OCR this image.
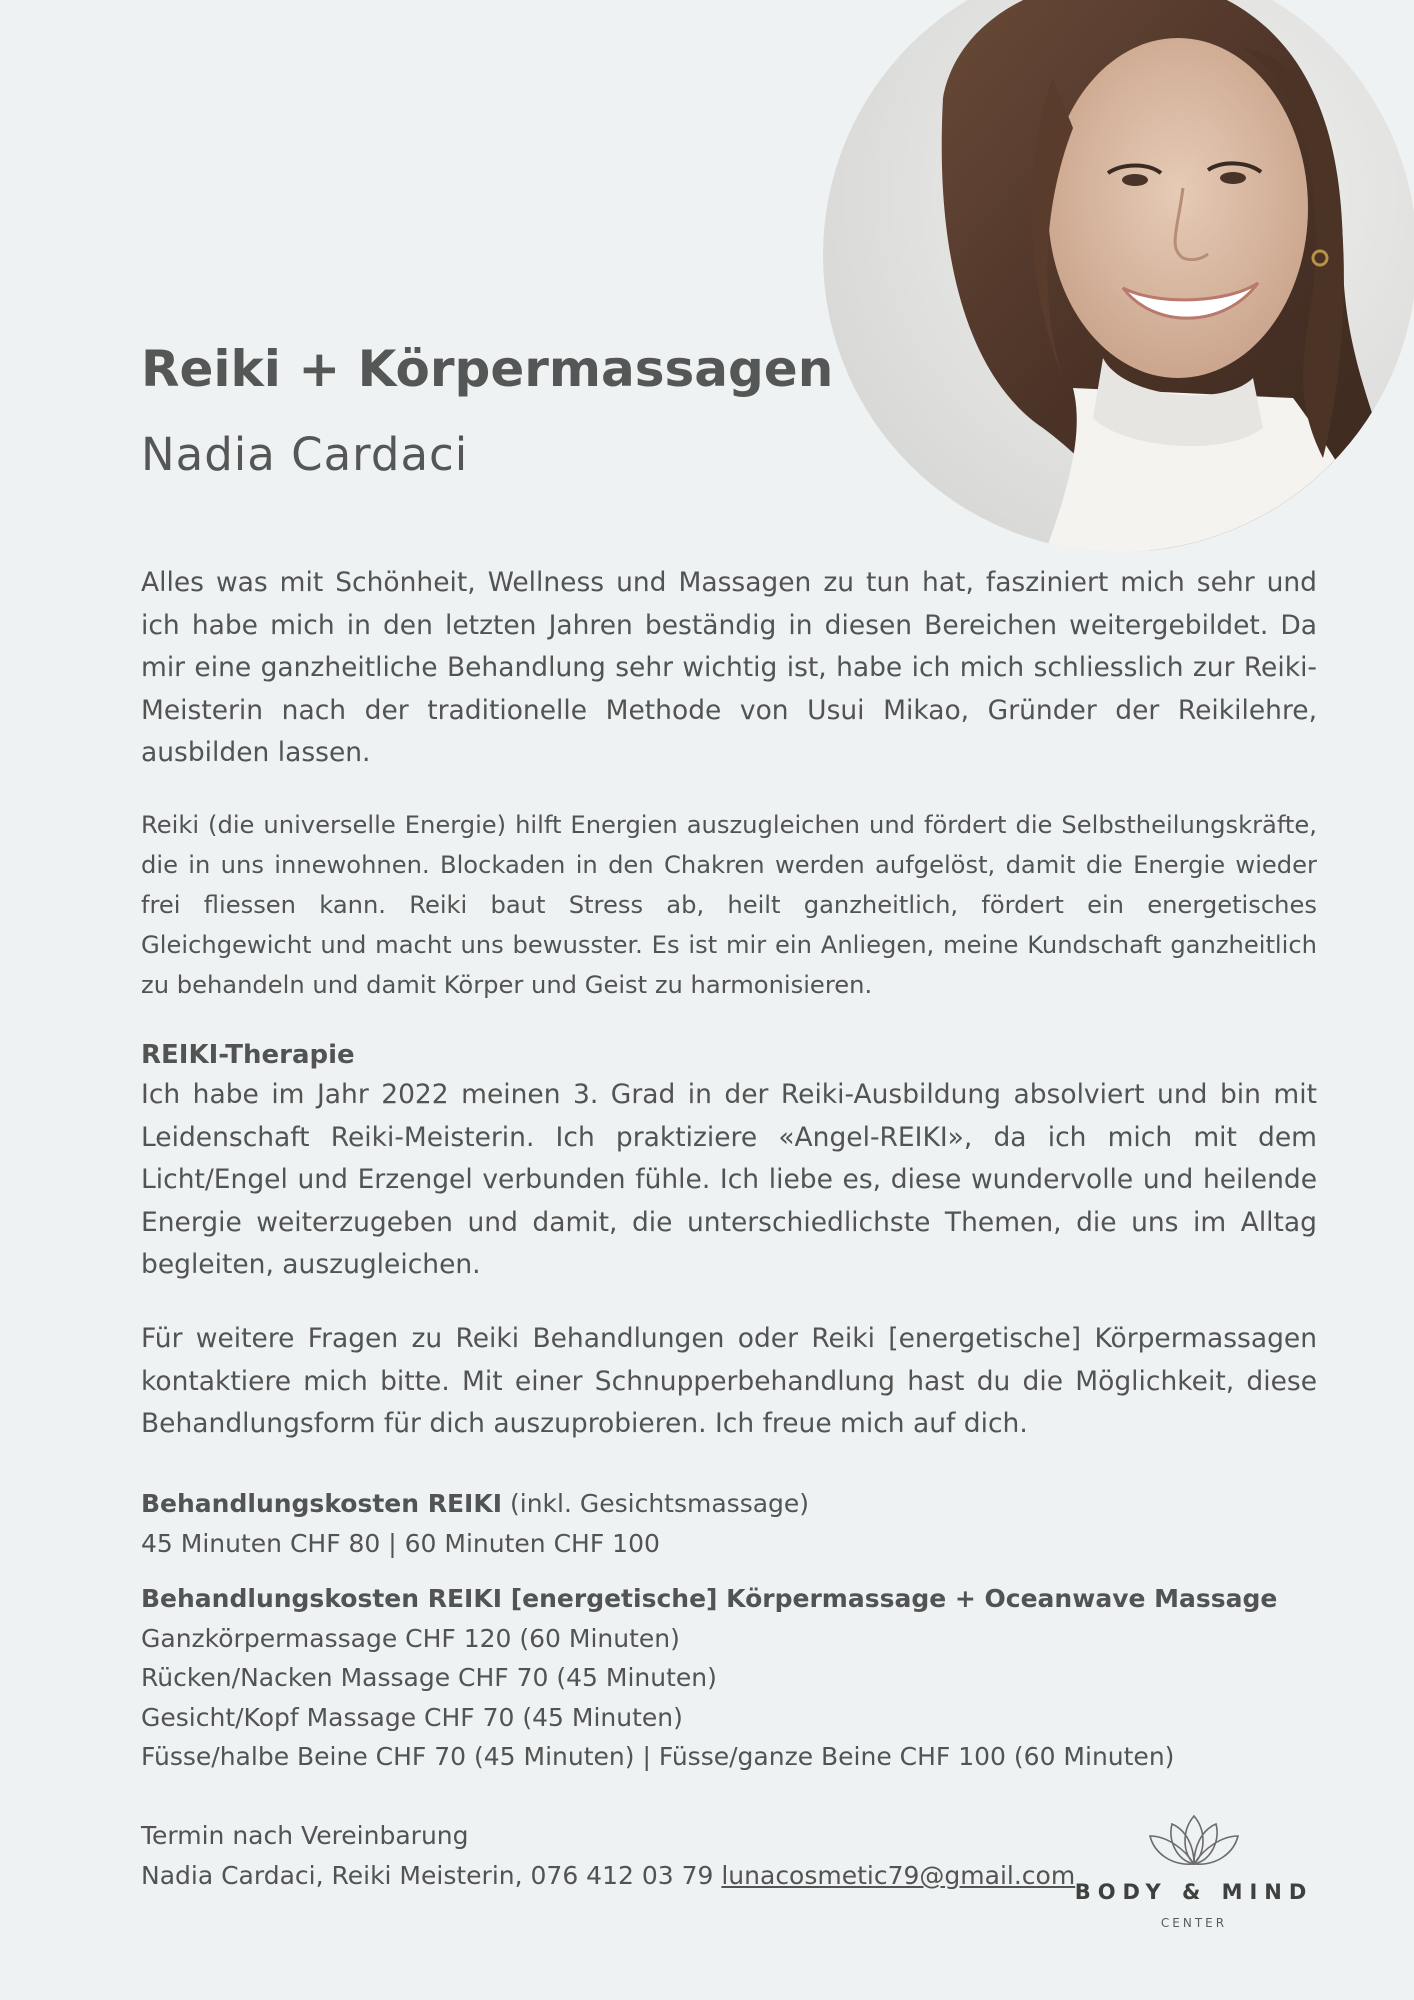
Reiki + Körpermassagen
Nadia Cardaci

Alles was mit Schönheit, Wellness und Massagen zu tun hat, fasziniert mich sehr und ich habe mich in den letzten Jahren beständig in diesen Bereichen weitergebildet. Da mir eine ganzheitliche Behandlung sehr wichtig ist, habe ich mich schliesslich zur Reiki-Meisterin nach der traditionelle Methode von Usui Mikao, Gründer der Reikilehre, ausbilden lassen.

Reiki (die universelle Energie) hilft Energien auszugleichen und fördert die Selbstheilungskräfte, die in uns innewohnen. Blockaden in den Chakren werden aufgelöst, damit die Energie wieder frei fliessen kann. Reiki baut Stress ab, heilt ganzheitlich, fördert ein energetisches Gleichgewicht und macht uns bewusster. Es ist mir ein Anliegen, meine Kundschaft ganzheitlich zu behandeln und damit Körper und Geist zu harmonisieren.

REIKI-Therapie

Ich habe im Jahr 2022 meinen 3. Grad in der Reiki-Ausbildung absolviert und bin mit Leidenschaft Reiki-Meisterin. Ich praktiziere «Angel-REIKI», da ich mich mit dem Licht/Engel und Erzengel verbunden fühle. Ich liebe es, diese wundervolle und heilende Energie weiterzugeben und damit, die unterschiedlichste Themen, die uns im Alltag begleiten, auszugleichen.

Für weitere Fragen zu Reiki Behandlungen oder Reiki [energetische] Körpermassagen kontaktiere mich bitte. Mit einer Schnupperbehandlung hast du die Möglichkeit, diese Behandlungsform für dich auszuprobieren. Ich freue mich auf dich.

Behandlungskosten REIKI (inkl. Gesichtsmassage)
45 Minuten CHF 80 | 60 Minuten CHF 100
Behandlungskosten REIKI [energetische] Körpermassage + Oceanwave Massage
Ganzkörpermassage CHF 120 (60 Minuten)
Rücken/Nacken Massage CHF 70 (45 Minuten)
Gesicht/Kopf Massage CHF 70 (45 Minuten)
Füsse/halbe Beine CHF 70 (45 Minuten) | Füsse/ganze Beine CHF 100 (60 Minuten)
Termin nach Vereinbarung
Nadia Cardaci, Reiki Meisterin, 076 412 03 79 lunacosmetic79@gmail.com
BODY & MIND
CENTER
